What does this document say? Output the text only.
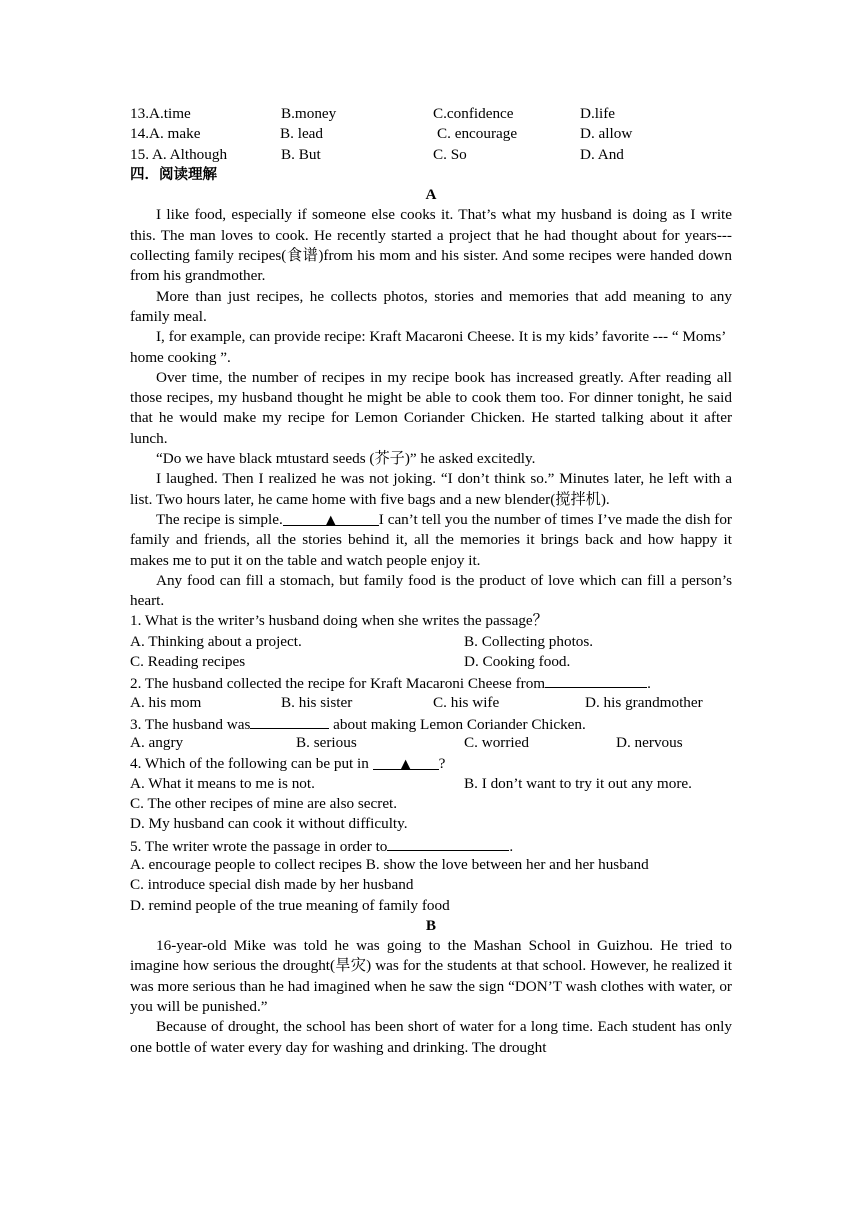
13.A.time	B.money	C.confidence	D.life
14.A. make	B. lead	C. encourage	D. allow
15. A. Although	B. But	C. So	D. And
四．阅读理解
A
I like food, especially if someone else cooks it. That’s what my husband is doing as I write this. The man loves to cook. He recently started a project that he had thought about for years---collecting family recipes(食谱)from his mom and his sister. And some recipes were handed down from his grandmother.
More than just recipes, he collects photos, stories and memories that add meaning to any family meal.
I, for example, can provide recipe: Kraft Macaroni Cheese. It is my kids’ favorite --- “ Moms’
home cooking ”.
Over time, the number of recipes in my recipe book has increased greatly. After reading all those recipes, my husband thought he might be able to cook them too. For dinner tonight, he said that he would make my recipe for Lemon Coriander Chicken. He started talking about it after lunch.
“Do we have black mtustard seeds (芥子)” he asked excitedly.
I laughed. Then I realized he was not joking. “I don’t think so.” Minutes later, he left with a list. Two hours later, he came home with five bags and a new blender(搅拌机).
The recipe is simple.	▲	I can’t tell you the number of times I’ve made the dish for family and friends, all the stories behind it, all the memories it brings back and how happy it makes me to put it on the table and watch people enjoy it.
Any food can fill a stomach, but family food is the product of love which can fill a person’s heart.
1. What is the writer’s husband doing when she writes the passage？
A. Thinking about a project.	B. Collecting photos.
C. Reading recipes	D. Cooking food.
2. The husband collected the recipe for Kraft Macaroni Cheese from	.
A. his mom	B. his sister	C. his wife	D. his grandmother
3. The husband was	about making Lemon Coriander Chicken.
A. angry	B. serious	C. worried	D. nervous
4. Which of the following can be put in ▲ ?
A. What it means to me is not.	B. I don’t want to try it out any more.
C. The other recipes of mine are also secret.
D. My husband can cook it without difficulty.
5. The writer wrote the passage in order to	.
A. encourage people to collect recipes B. show the love between her and her husband
C. introduce special dish made by her husband
D. remind people of the true meaning of family food
B
16-year-old Mike was told he was going to the Mashan School in Guizhou. He tried to imagine how serious the drought(旱灾) was for the students at that school. However, he realized it was more serious than he had imagined when he saw the sign “DON’T wash clothes with water, or you will be punished.”
Because of drought, the school has been short of water for a long time. Each student has only one bottle of water every day for washing and drinking. The drought
